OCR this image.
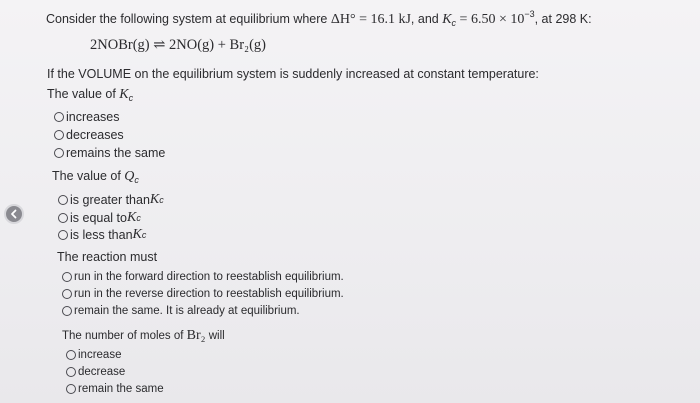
Consider the following system at equilibrium where ΔH° = 16.1 kJ, and $K_c = 6.50 \times 10^{-3}$, at 298 K:
2NOBr(g) ⇌ 2NO(g) + Br₂(g)
If the VOLUME on the equilibrium system is suddenly increased at constant temperature:
The value of $K_c$
increases
decreases
remains the same
The value of $Q_c$
is greater than K c
is equal to K c
is less than K c
The reaction must
run in the forward direction to reestablish equilibrium.
run in the reverse direction to reestablish equilibrium.
remain the same. It is already at equilibrium.
The number of moles of Br₂ will
increase
decrease
remain the same
